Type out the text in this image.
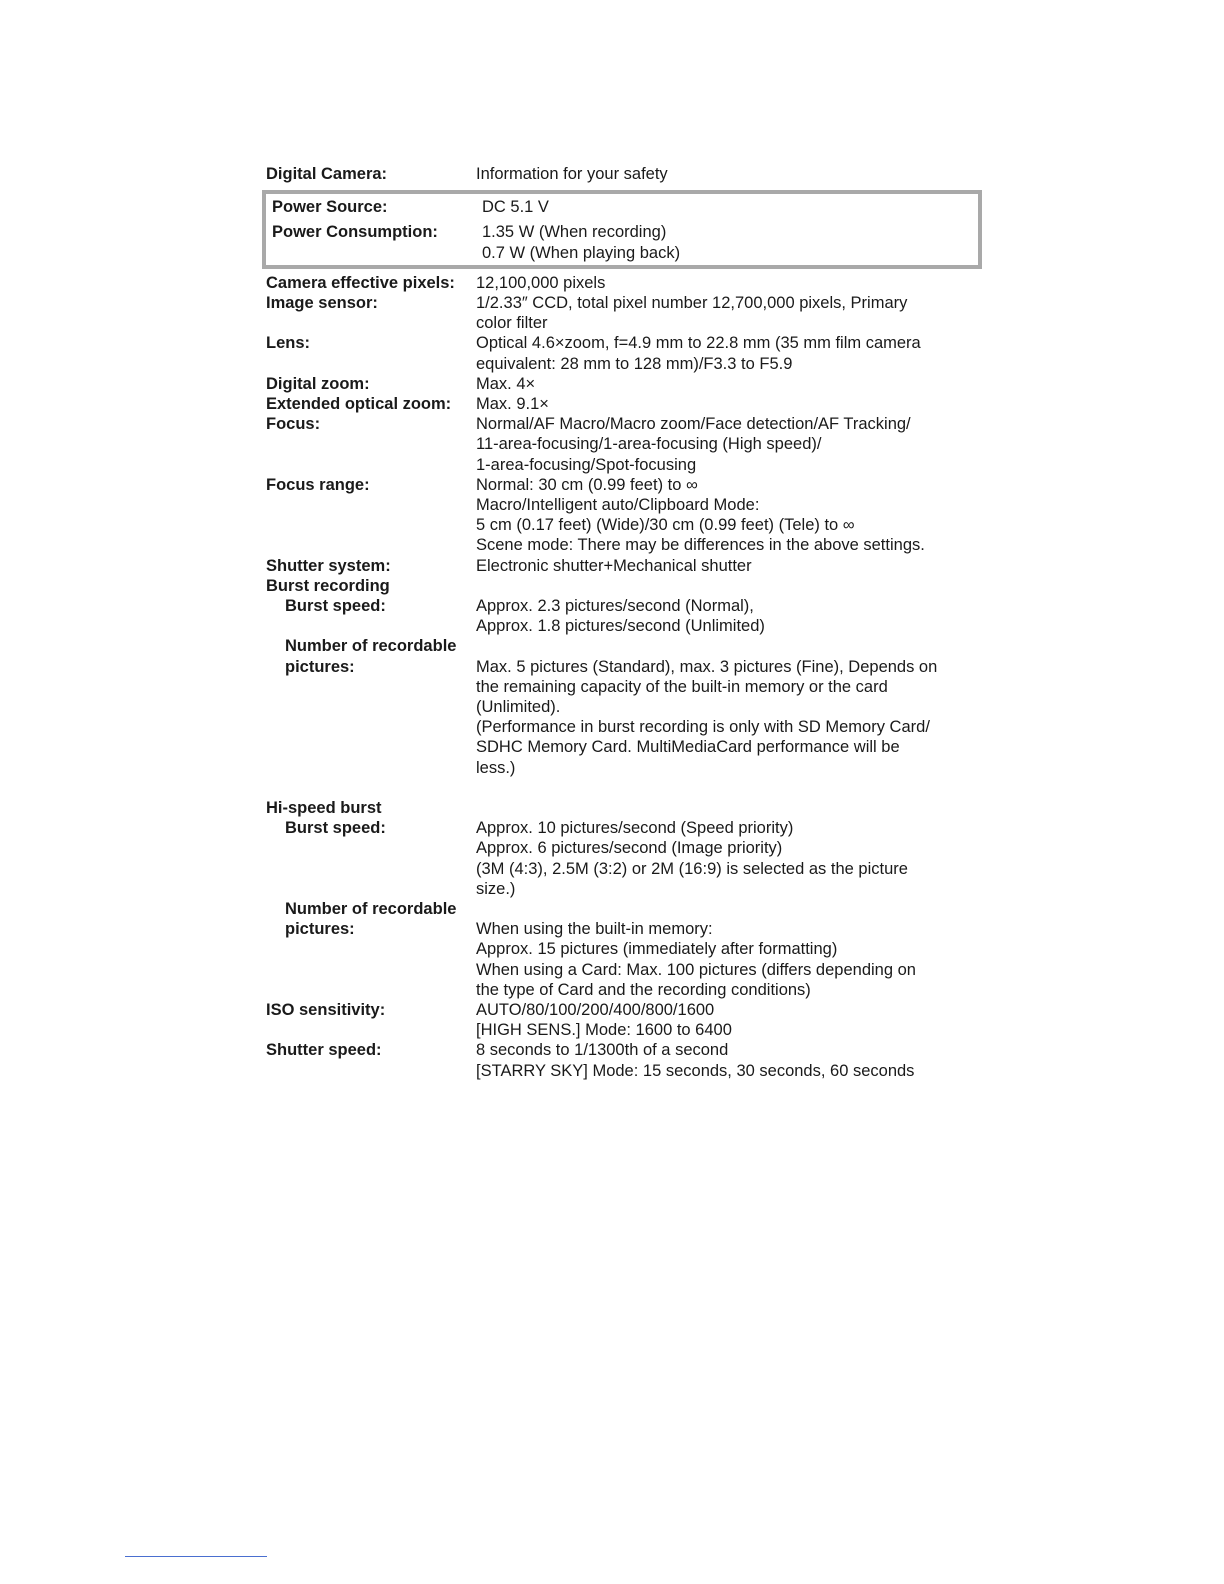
Digital Camera:	Information for your safety
Power Source:	DC 5.1 V
Power Consumption:	1.35 W (When recording)
0.7 W (When playing back)
Camera effective pixels:	12,100,000 pixels
Image sensor:	1/2.33″ CCD, total pixel number 12,700,000 pixels, Primary
color filter
Lens:	Optical 4.6×zoom, f=4.9 mm to 22.8 mm (35 mm film camera
equivalent: 28 mm to 128 mm)/F3.3 to F5.9
Digital zoom:	Max. 4×
Extended optical zoom:	Max. 9.1×
Focus:	Normal/AF Macro/Macro zoom/Face detection/AF Tracking/
11-area-focusing/1-area-focusing (High speed)/
1-area-focusing/Spot-focusing
Focus range:	Normal: 30 cm (0.99 feet) to ∞
Macro/Intelligent auto/Clipboard Mode:
5 cm (0.17 feet) (Wide)/30 cm (0.99 feet) (Tele) to ∞
Scene mode: There may be differences in the above settings.
Shutter system:	Electronic shutter+Mechanical shutter
Burst recording
Burst speed:	Approx. 2.3 pictures/second (Normal),
Approx. 1.8 pictures/second (Unlimited)
Number of recordable
pictures:	Max. 5 pictures (Standard), max. 3 pictures (Fine), Depends on
the remaining capacity of the built-in memory or the card
(Unlimited).
(Performance in burst recording is only with SD Memory Card/
SDHC Memory Card. MultiMediaCard performance will be
less.)
Hi-speed burst
Burst speed:	Approx. 10 pictures/second (Speed priority)
Approx. 6 pictures/second (Image priority)
(3M (4:3), 2.5M (3:2) or 2M (16:9) is selected as the picture
size.)
Number of recordable
pictures:	When using the built-in memory:
Approx. 15 pictures (immediately after formatting)
When using a Card: Max. 100 pictures (differs depending on
the type of Card and the recording conditions)
ISO sensitivity:	AUTO/80/100/200/400/800/1600
[HIGH SENS.] Mode: 1600 to 6400
Shutter speed:	8 seconds to 1/1300th of a second
[STARRY SKY] Mode: 15 seconds, 30 seconds, 60 seconds
